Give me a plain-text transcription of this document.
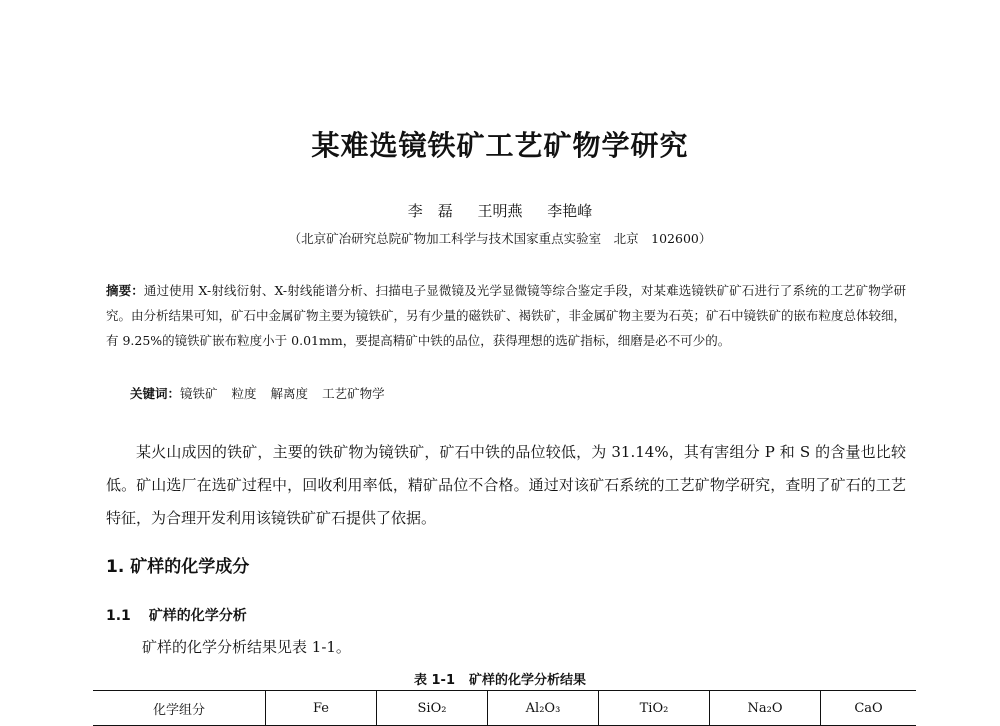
某难选镜铁矿工艺矿物学研究
李　磊 王明燕 李艳峰
（北京矿冶研究总院矿物加工科学与技术国家重点实验室　北京　102600）
摘要：通过使用 X-射线衍射、X-射线能谱分析、扫描电子显微镜及光学显微镜等综合鉴定手段，对某难选镜铁矿矿石进行了系统的工艺矿物学研究。由分析结果可知，矿石中金属矿物主要为镜铁矿，另有少量的磁铁矿、褐铁矿，非金属矿物主要为石英；矿石中镜铁矿的嵌布粒度总体较细，有 9.25%的镜铁矿嵌布粒度小于 0.01mm，要提高精矿中铁的品位，获得理想的选矿指标，细磨是必不可少的。
关键词：镜铁矿 粒度 解离度 工艺矿物学
某火山成因的铁矿，主要的铁矿物为镜铁矿，矿石中铁的品位较低，为 31.14%，其有害组分 P 和 S 的含量也比较低。矿山选厂在选矿过程中，回收利用率低，精矿品位不合格。通过对该矿石系统的工艺矿物学研究，查明了矿石的工艺特征，为合理开发利用该镜铁矿矿石提供了依据。
1. 矿样的化学成分
1.1 矿样的化学分析
矿样的化学分析结果见表 1-1。
表 1-1 矿样的化学分析结果
化学组分	Fe	SiO₂	Al₂O₃	TiO₂	Na₂O	CaO
